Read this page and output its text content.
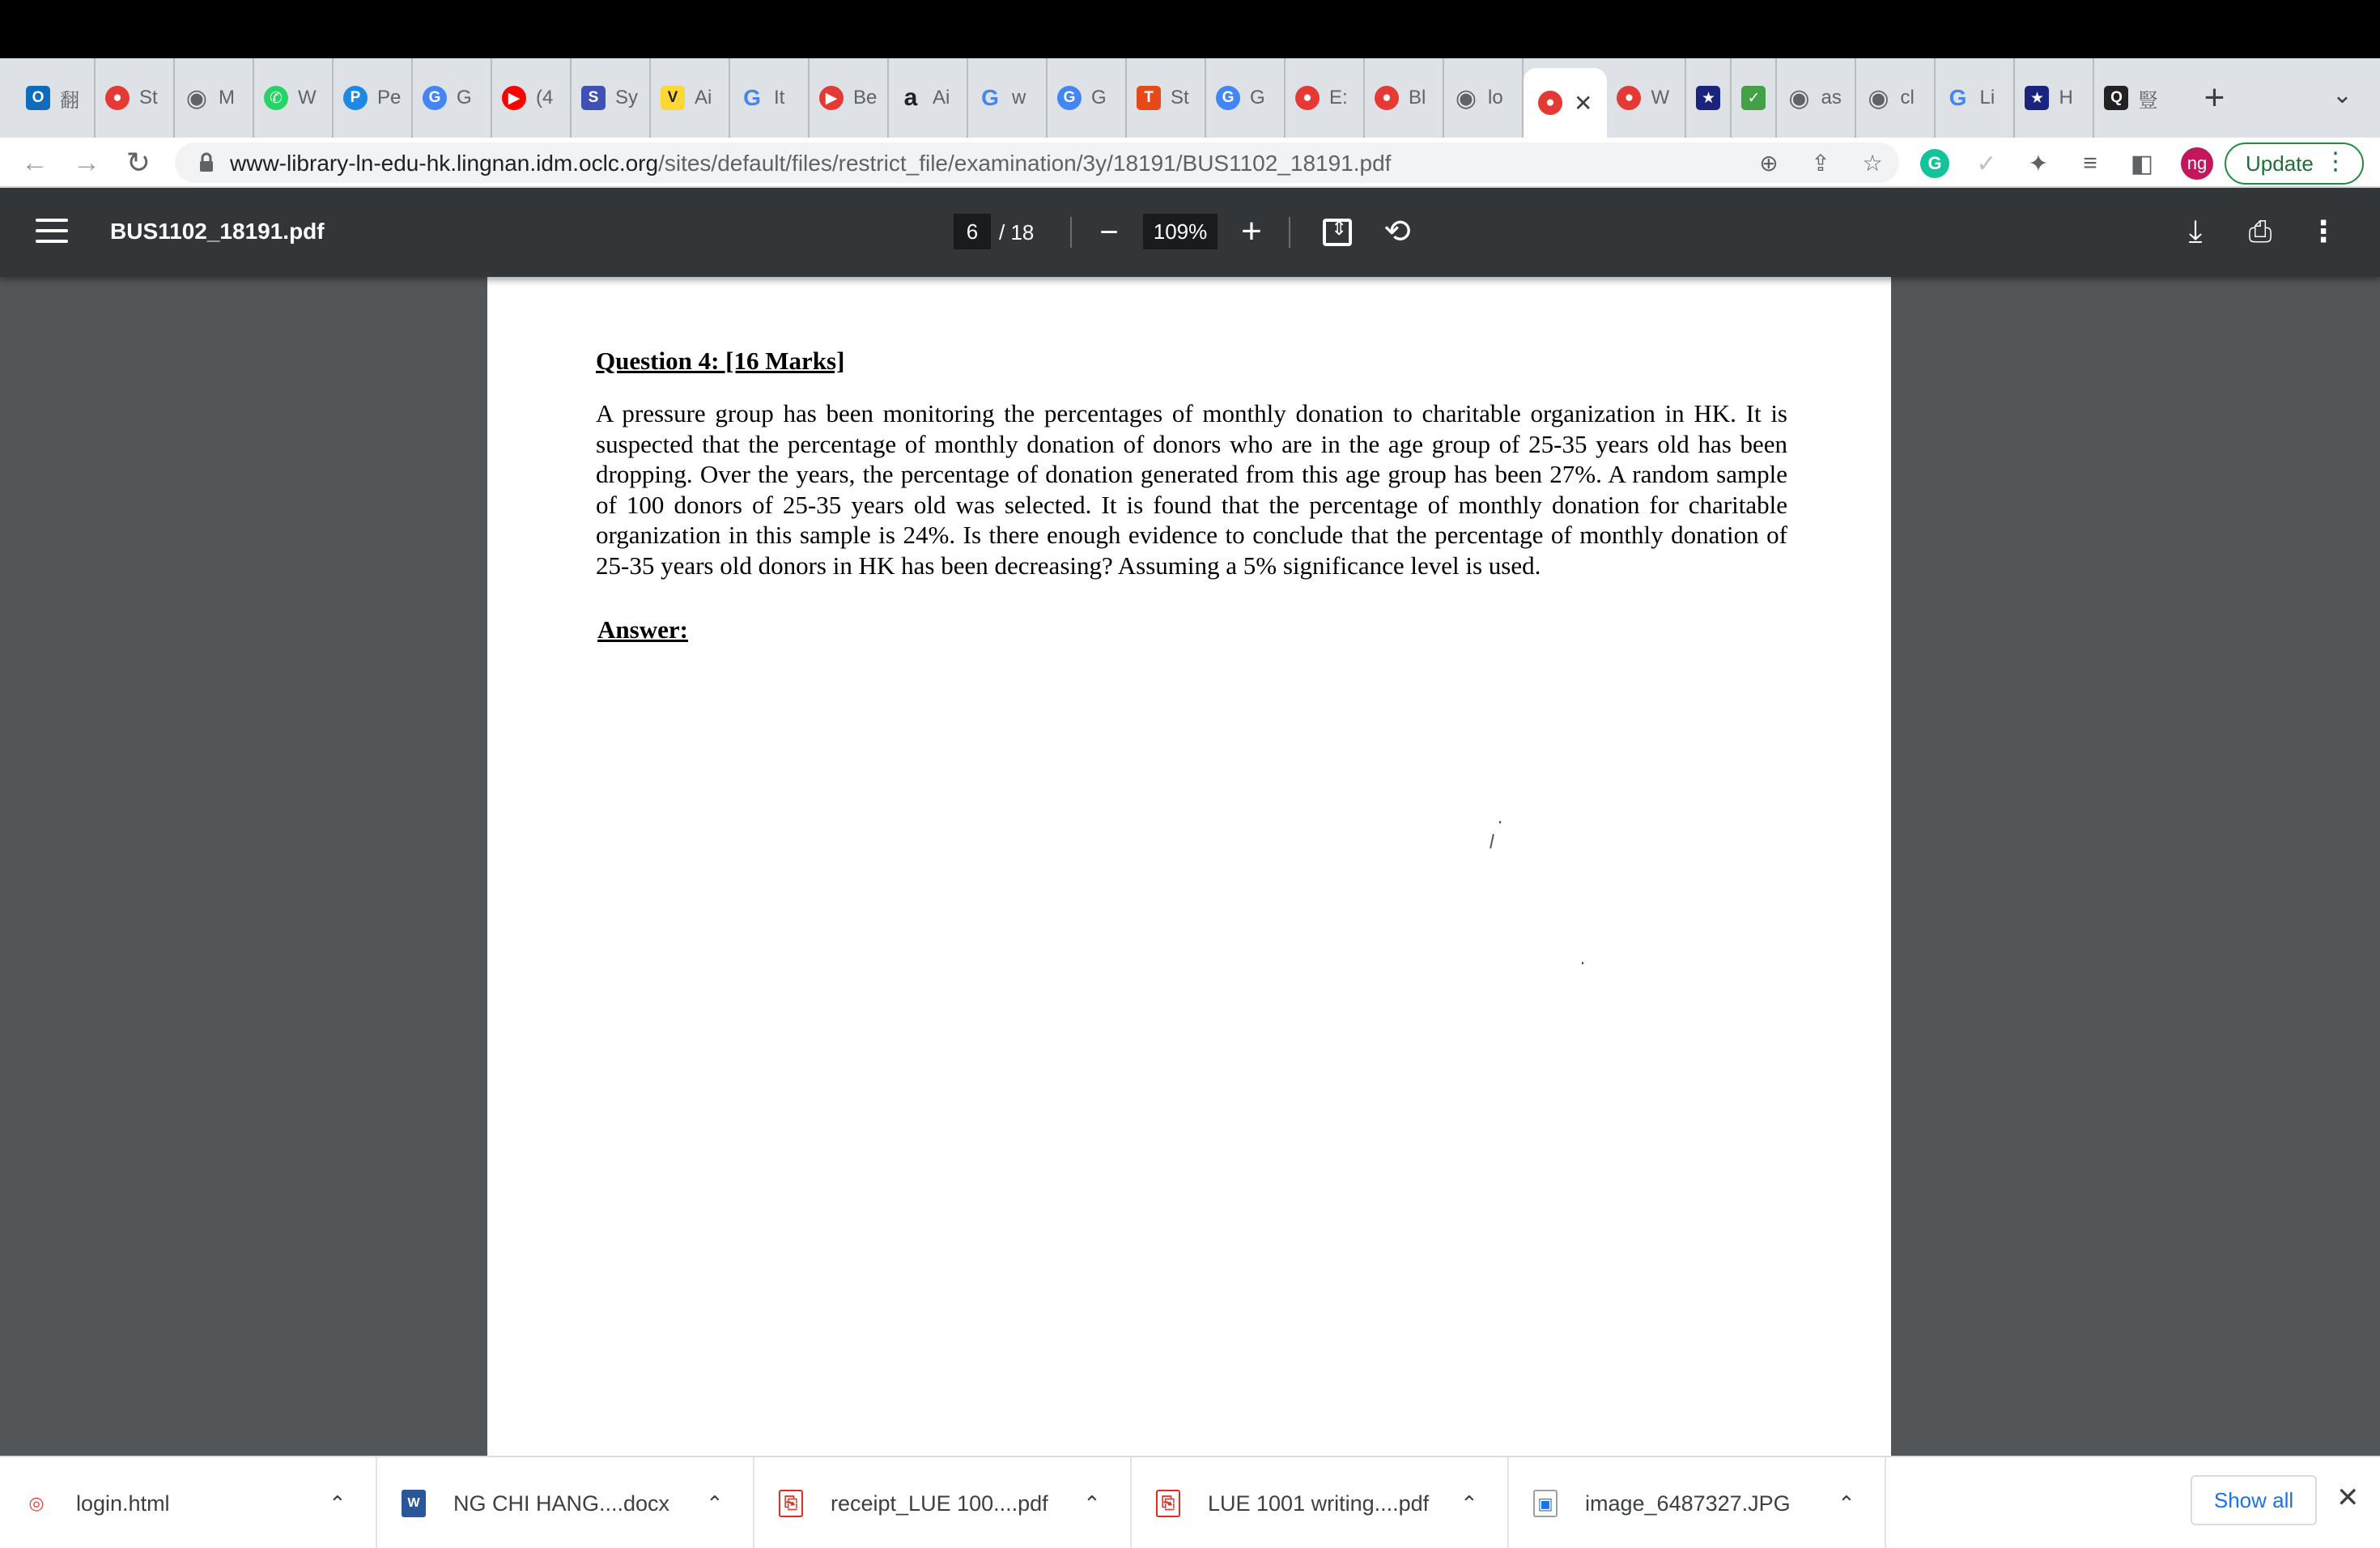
O 翻	● St ◉ M	✆ W	P Pe	G G	▶ (4	S Sy	V Ai	G It	▶ Be a Ai	G w	G G	T St	G G	● E:	● Bl ◉ lo	● ✕	● W	★	✓ ◉ as ◉ cl	G Li	★ H	Q 豎	+	⌄
← → ↻	www-library-ln-edu-hk.lingnan.idm.oclc.org/sites/default/files/restrict_file/examination/3y/18191/BUS1102_18191.pdf	⊕ ⇪ ☆	G	✓ ✦	≡	◧	ng Update ⋮
BUS1102_18191.pdf	6 / 18 −	109% +
⇕	⟲	⤓	⎙ ⋮
Question 4: [16 Marks]
A pressure group has been monitoring the percentages of monthly donation to charitable organization in HK. It is suspected that the percentage of monthly donation of donors who are in the age group of 25-35 years old has been dropping. Over the years, the percentage of donation generated from this age group has been 27%. A random sample of 100 donors of 25-35 years old was selected. It is found that the percentage of monthly donation for charitable organization in this sample is 24%. Is there enough evidence to conclude that the percentage of monthly donation of 25-35 years old donors in HK has been decreasing? Assuming a 5% significance level is used.
Answer:
◎ login.html	⌃	W NG CHI HANG....docx	⌃	⎘ receipt_LUE 100....pdf	⌃	⎘ LUE 1001 writing....pdf	⌃	▣ image_6487327.JPG	⌃	Show all	✕
